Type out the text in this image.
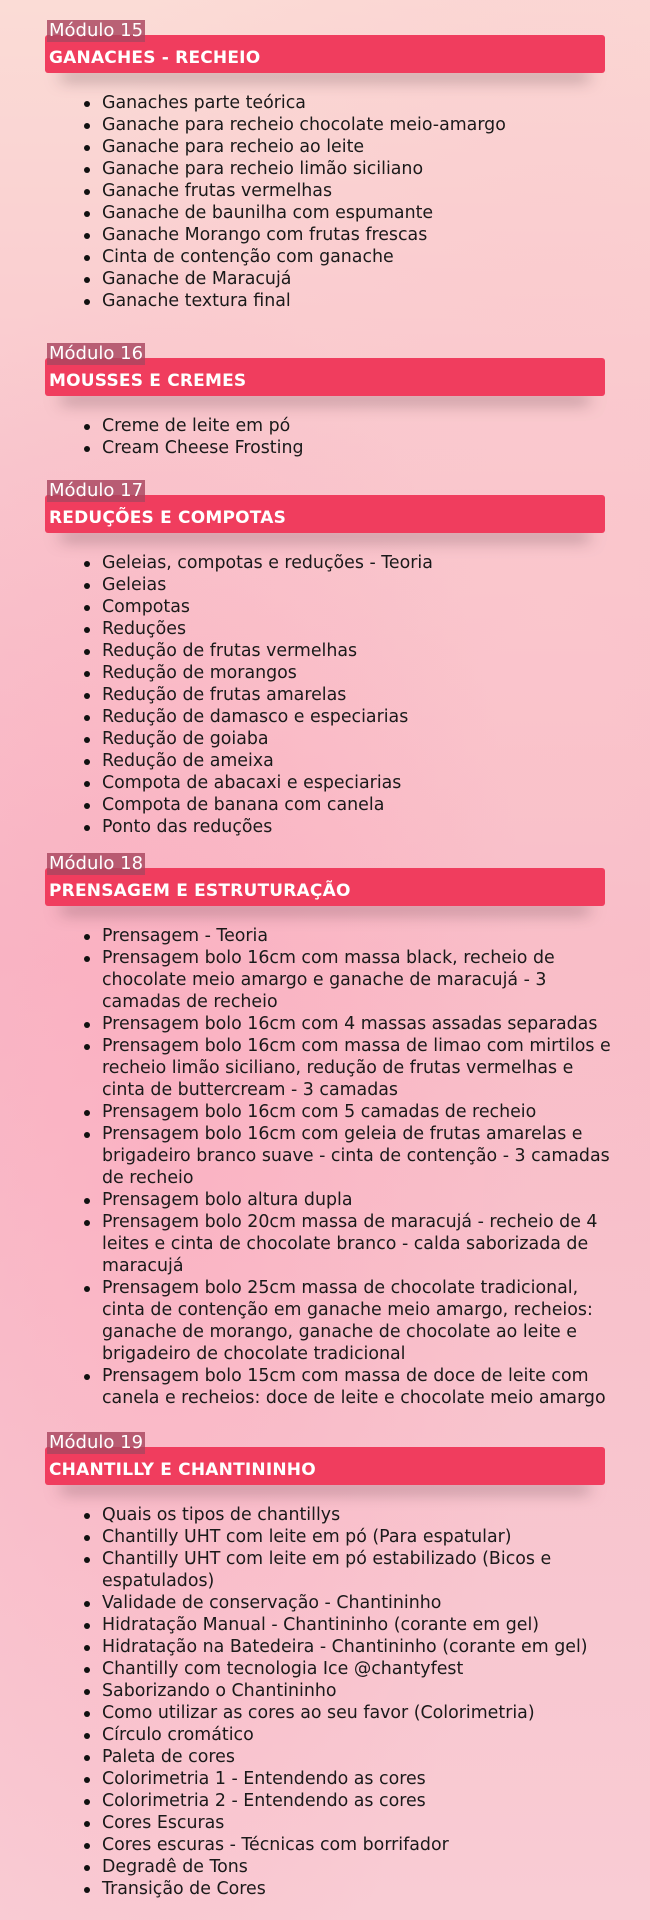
Módulo 15
GANACHES - RECHEIO
Ganaches parte teórica
Ganache para recheio chocolate meio-amargo
Ganache para recheio ao leite
Ganache para recheio limão siciliano
Ganache frutas vermelhas
Ganache de baunilha com espumante
Ganache Morango com frutas frescas
Cinta de contenção com ganache
Ganache de Maracujá
Ganache textura final
Módulo 16
MOUSSES E CREMES
Creme de leite em pó
Cream Cheese Frosting
Módulo 17
REDUÇÕES E COMPOTAS
Geleias, compotas e reduções - Teoria
Geleias
Compotas
Reduções
Redução de frutas vermelhas
Redução de morangos
Redução de frutas amarelas
Redução de damasco e especiarias
Redução de goiaba
Redução de ameixa
Compota de abacaxi e especiarias
Compota de banana com canela
Ponto das reduções
Módulo 18
PRENSAGEM E ESTRUTURAÇÃO
Prensagem - Teoria
Prensagem bolo 16cm com massa black, recheio de chocolate meio amargo e ganache de maracujá - 3 camadas de recheio
Prensagem bolo 16cm com 4 massas assadas separadas
Prensagem bolo 16cm com massa de limao com mirtilos e recheio limão siciliano, redução de frutas vermelhas e cinta de buttercream - 3 camadas
Prensagem bolo 16cm com 5 camadas de recheio
Prensagem bolo 16cm com geleia de frutas amarelas e brigadeiro branco suave - cinta de contenção - 3 camadas de recheio
Prensagem bolo altura dupla
Prensagem bolo 20cm massa de maracujá - recheio de 4 leites e cinta de chocolate branco - calda saborizada de maracujá
Prensagem bolo 25cm massa de chocolate tradicional, cinta de contenção em ganache meio amargo, recheios: ganache de morango, ganache de chocolate ao leite e brigadeiro de chocolate tradicional
Prensagem bolo 15cm com massa de doce de leite com canela e recheios: doce de leite e chocolate meio amargo
Módulo 19
CHANTILLY E CHANTININHO
Quais os tipos de chantillys
Chantilly UHT com leite em pó (Para espatular)
Chantilly UHT com leite em pó estabilizado (Bicos e espatulados)
Validade de conservação - Chantininho
Hidratação Manual - Chantininho (corante em gel)
Hidratação na Batedeira - Chantininho (corante em gel)
Chantilly com tecnologia Ice @chantyfest
Saborizando o Chantininho
Como utilizar as cores ao seu favor (Colorimetria)
Círculo cromático
Paleta de cores
Colorimetria 1 - Entendendo as cores
Colorimetria 2 - Entendendo as cores
Cores Escuras
Cores escuras - Técnicas com borrifador
Degradê de Tons
Transição de Cores
